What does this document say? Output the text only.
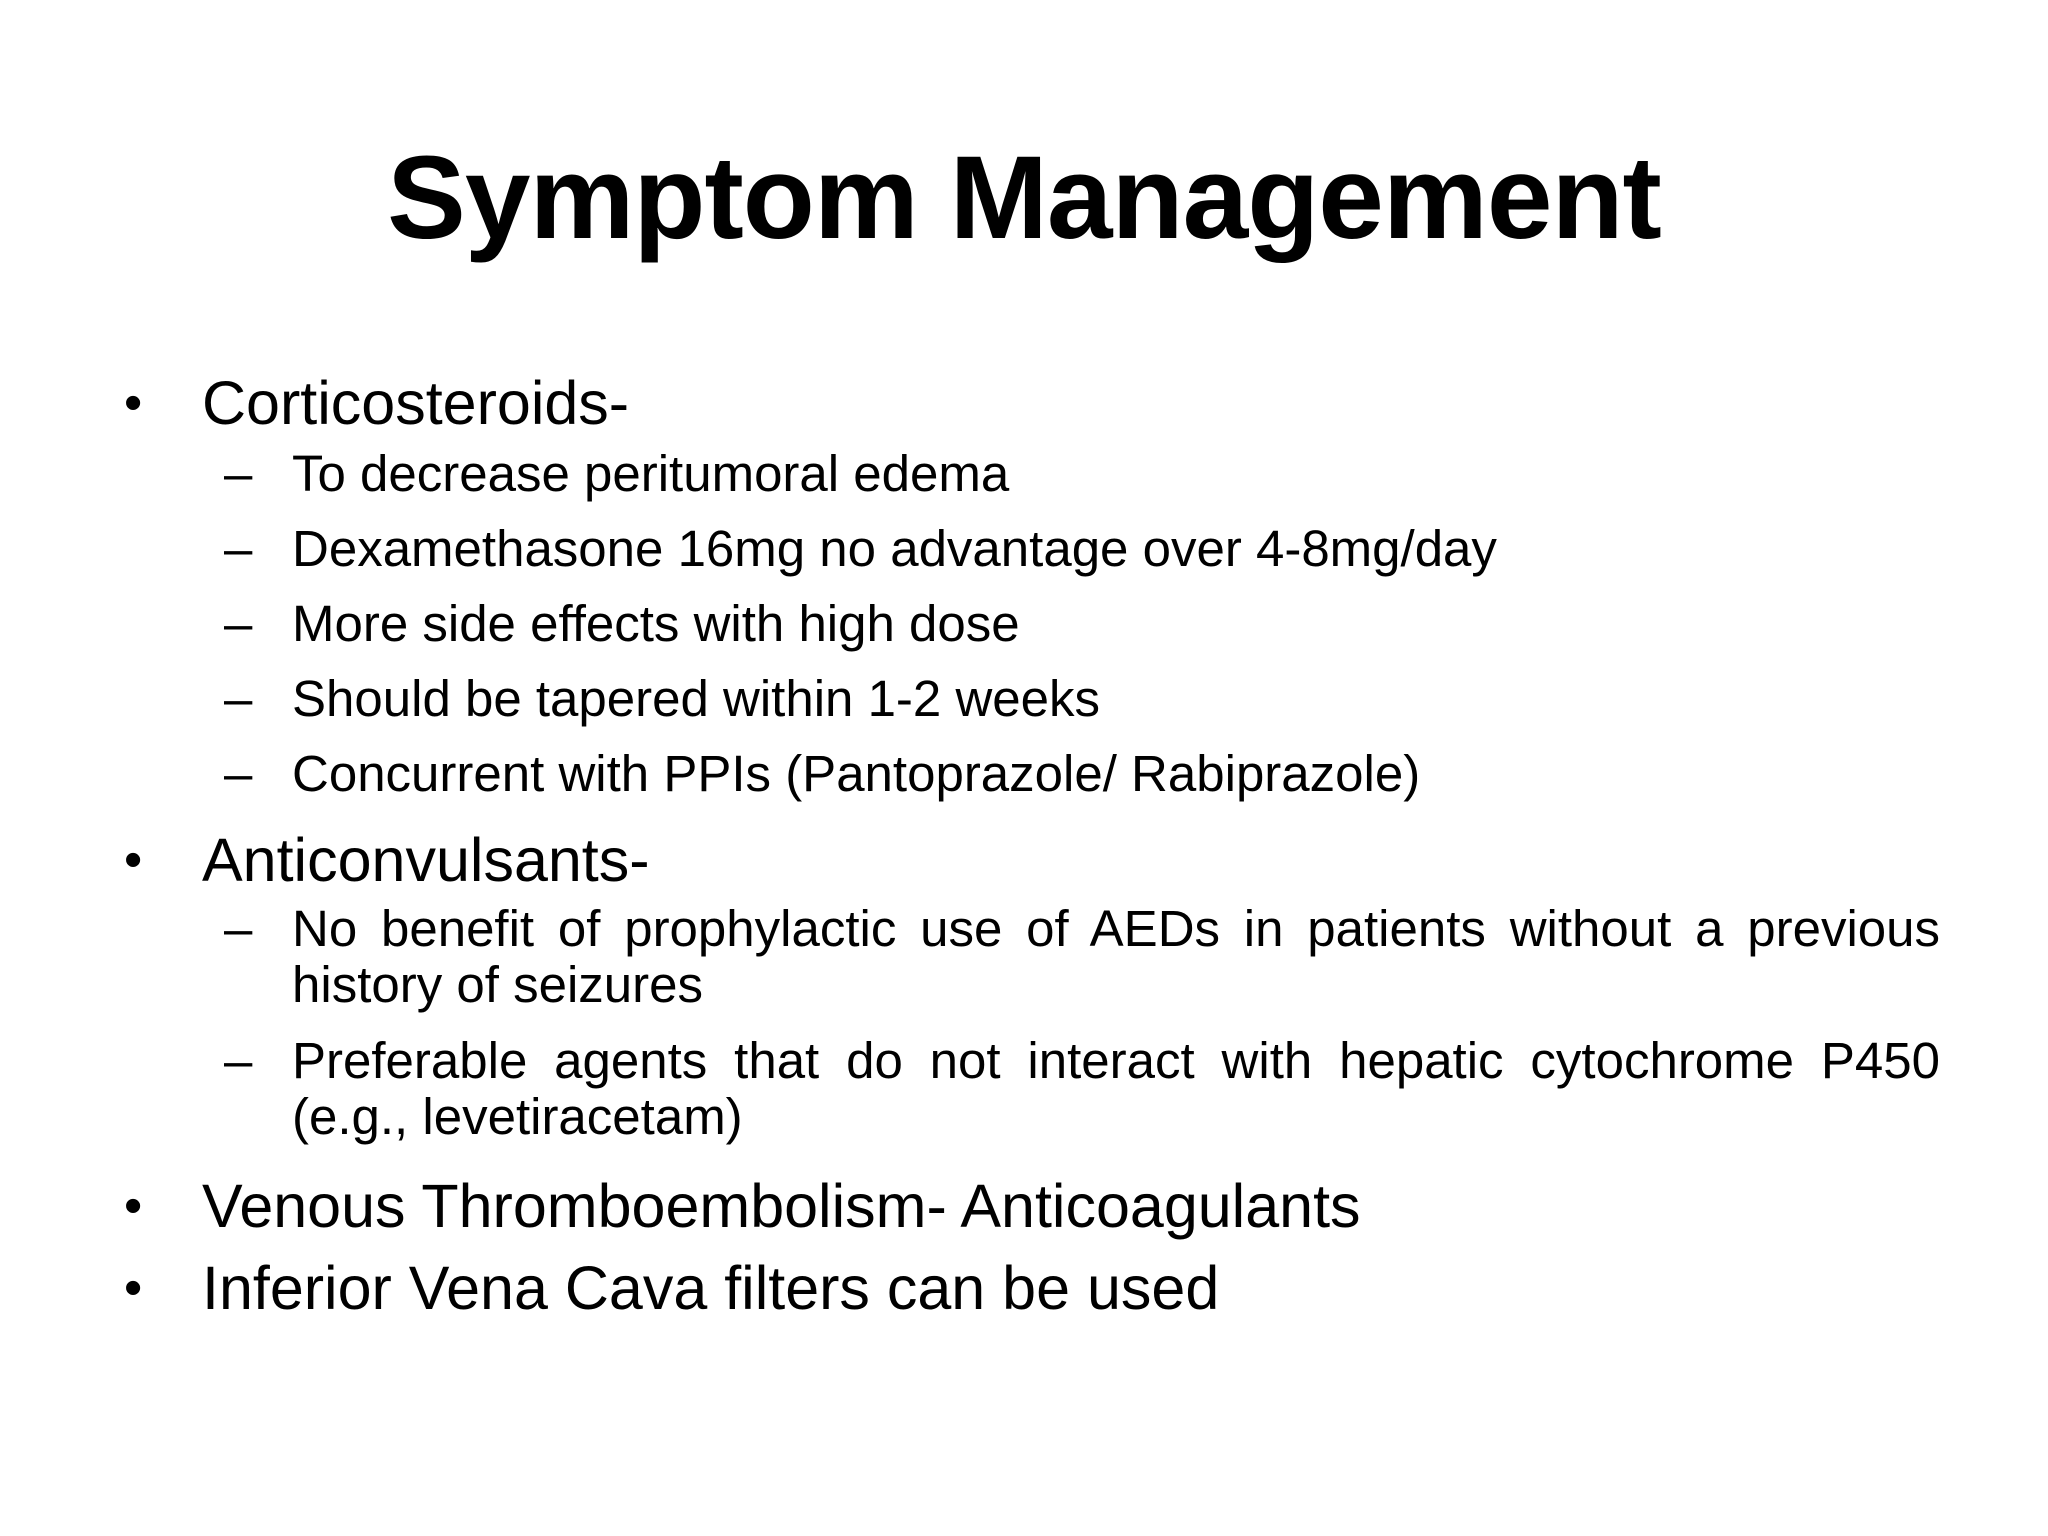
Symptom Management
• Corticosteroids-
– To decrease peritumoral edema
– Dexamethasone 16mg no advantage over 4-8mg/day
– More side effects with high dose
– Should be tapered within 1-2 weeks
– Concurrent with PPIs (Pantoprazole/ Rabiprazole)
• Anticonvulsants-
– No benefit of prophylactic use of AEDs in patients without a previous history of seizures
– Preferable agents that do not interact with hepatic cytochrome P450 (e.g., levetiracetam)
• Venous Thromboembolism- Anticoagulants
• Inferior Vena Cava filters can be used
